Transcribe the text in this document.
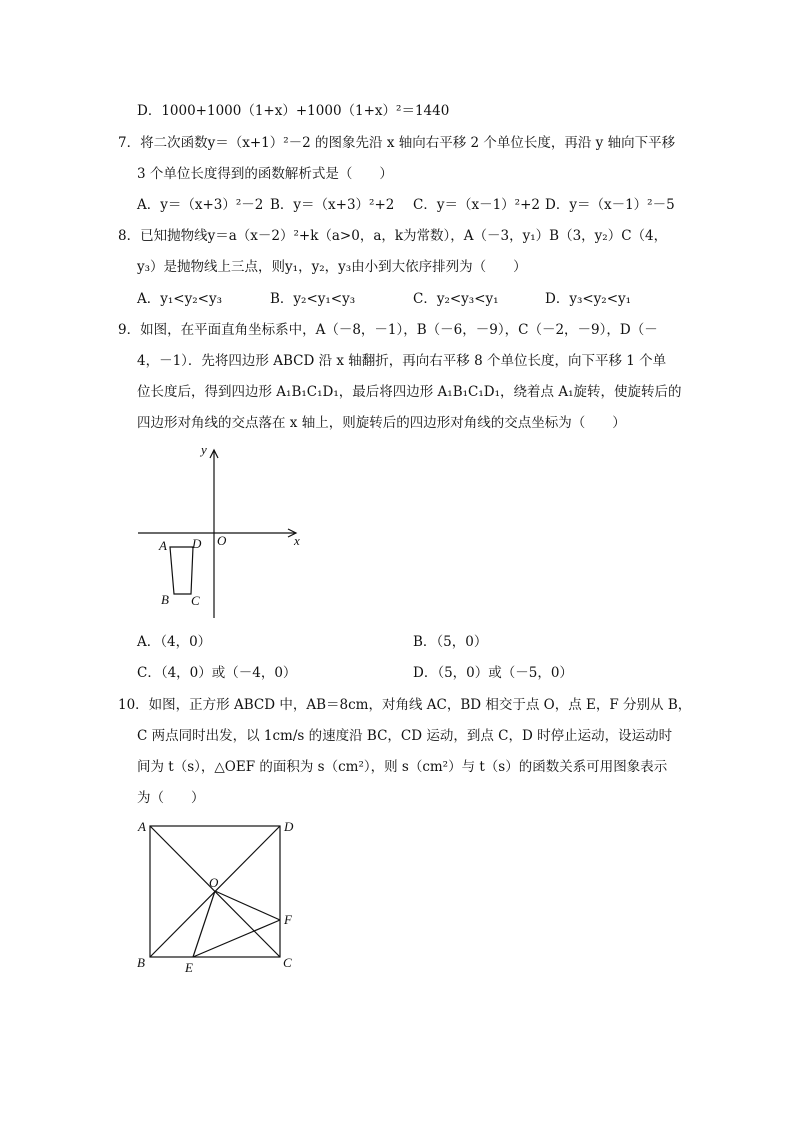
D．1000+1000（1+x）+1000（1+x）²＝1440
7．将二次函数y＝（x+1）²－2 的图象先沿 x 轴向右平移 2 个单位长度，再沿 y 轴向下平移
3 个单位长度得到的函数解析式是（　　）
A．y＝（x+3）²－2 B．y＝（x+3）²+2 C．y＝（x－1）²+2 D．y＝（x－1）²－5
8．已知抛物线y＝a（x－2）²+k（a>0，a，k为常数），A（－3，y₁）B（3，y₂）C（4，
y₃）是抛物线上三点，则y₁，y₂，y₃由小到大依序排列为（　　）
A．y₁<y₂<y₃	B．y₂<y₁<y₃	C．y₂<y₃<y₁	D．y₃<y₂<y₁
9．如图，在平面直角坐标系中，A（－8，－1），B（－6，－9），C（－2，－9），D（－
4，－1）．先将四边形 ABCD 沿 x 轴翻折，再向右平移 8 个单位长度，向下平移 1 个单
位长度后，得到四边形 A₁B₁C₁D₁，最后将四边形 A₁B₁C₁D₁，绕着点 A₁旋转，使旋转后的
四边形对角线的交点落在 x 轴上，则旋转后的四边形对角线的交点坐标为（　　）
y
x
O
A D
B C
A	D
B	C
O
E
F
A．（4，0）	B．（5，0）
C．（4，0）或（－4，0）	D．（5，0）或（－5，0）
10．如图，正方形 ABCD 中，AB＝8cm，对角线 AC，BD 相交于点 O，点 E，F 分别从 B，
C 两点同时出发，以 1cm/s 的速度沿 BC，CD 运动，到点 C，D 时停止运动，设运动时
间为 t（s），△OEF 的面积为 s（cm²），则 s（cm²）与 t（s）的函数关系可用图象表示
为（　　）
